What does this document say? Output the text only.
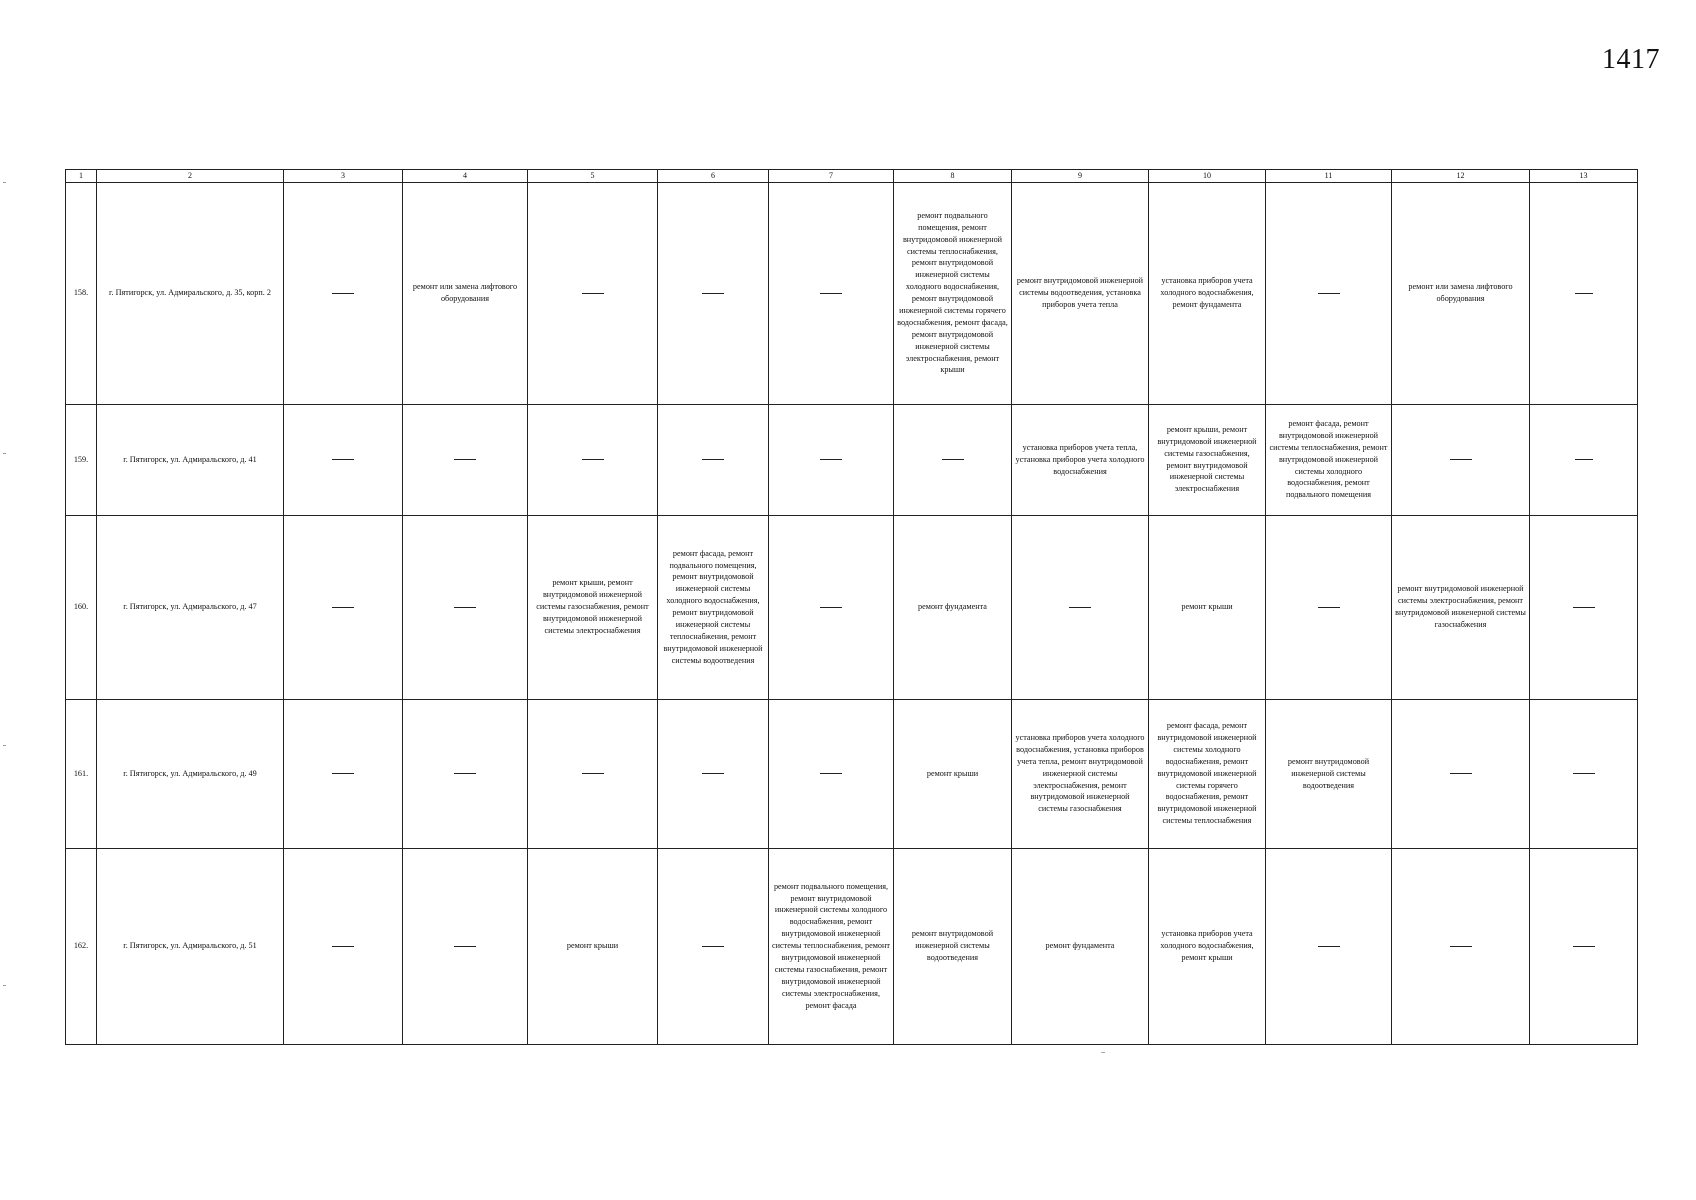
1417
1	2	3	4	5	6	7	8	9	10	11	12	13
158.	г. Пятигорск, ул. Адмиральского, д. 35, корп. 2		ремонт или замена лифтового оборудования				ремонт подвального помещения, ремонт внутридомовой инженерной системы теплоснабжения, ремонт внутридомовой инженерной системы холодного водоснабжения, ремонт внутридомовой инженерной системы горячего водоснабжения, ремонт фасада, ремонт внутридомовой инженерной системы электроснабжения, ремонт крыши	ремонт внутридомовой инженерной системы водоотведения, установка приборов учета тепла	установка приборов учета холодного водоснабжения, ремонт фундамента		ремонт или замена лифтового оборудования	
159.	г. Пятигорск, ул. Адмиральского, д. 41							установка приборов учета тепла, установка приборов учета холодного водоснабжения	ремонт крыши, ремонт внутридомовой инженерной системы газоснабжения, ремонт внутридомовой инженерной системы электроснабжения	ремонт фасада, ремонт внутридомовой инженерной системы теплоснабжения, ремонт внутридомовой инженерной системы холодного водоснабжения, ремонт подвального помещения		
160.	г. Пятигорск, ул. Адмиральского, д. 47			ремонт крыши, ремонт внутридомовой инженерной системы газоснабжения, ремонт внутридомовой инженерной системы электроснабжения	ремонт фасада, ремонт подвального помещения, ремонт внутридомовой инженерной системы холодного водоснабжения, ремонт внутридомовой инженерной системы теплоснабжения, ремонт внутридомовой инженерной системы водоотведения		ремонт фундамента		ремонт крыши		ремонт внутридомовой инженерной системы электроснабжения, ремонт внутридомовой инженерной системы газоснабжения	
161.	г. Пятигорск, ул. Адмиральского, д. 49						ремонт крыши	установка приборов учета холодного водоснабжения, установка приборов учета тепла, ремонт внутридомовой инженерной системы электроснабжения, ремонт внутридомовой инженерной системы газоснабжения	ремонт фасада, ремонт внутридомовой инженерной системы холодного водоснабжения, ремонт внутридомовой инженерной системы горячего водоснабжения, ремонт внутридомовой инженерной системы теплоснабжения	ремонт внутридомовой инженерной системы водоотведения		
162.	г. Пятигорск, ул. Адмиральского, д. 51			ремонт крыши		ремонт подвального помещения, ремонт внутридомовой инженерной системы холодного водоснабжения, ремонт внутридомовой инженерной системы теплоснабжения, ремонт внутридомовой инженерной системы газоснабжения, ремонт внутридомовой инженерной системы электроснабжения, ремонт фасада	ремонт внутридомовой инженерной системы водоотведения	ремонт фундамента	установка приборов учета холодного водоснабжения, ремонт крыши			
